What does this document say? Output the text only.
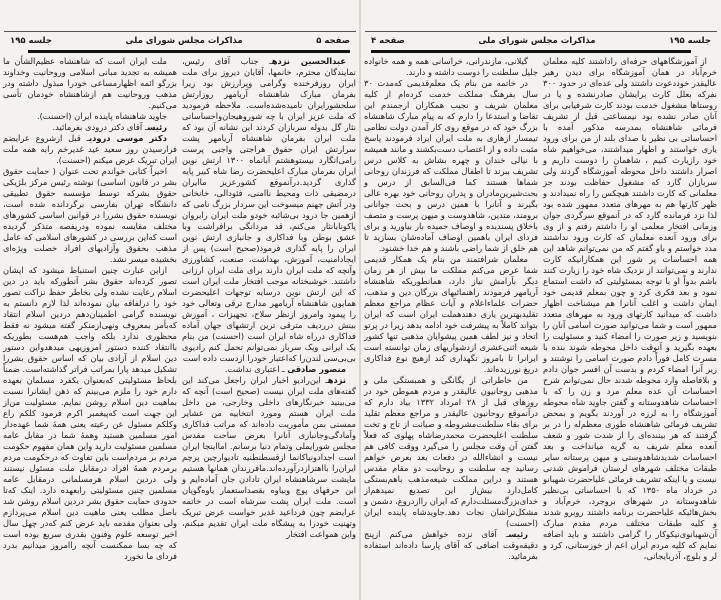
صفحه ۵
مذاکرات مجلس شورای ملی
جلسه ۱۹۵

عبدالحسین نزدهـ جناب آقای رئیس، نمایندگان محترم، خانمها، آقایان دیروز برای ملت ایران روزفرخنده وگرامی وپرارزش بود زیرا بفرمان مبارک شاهنشاه آریامهر روزارتش سلحشورایران نامیده‌شده‌است. ملاحظه فرمودید که ملت عزیز ایران با چه شوروهیجان‌واحساساتی نثار گل بدوله سربازان کردند این نشانه آن بود که ملت ایران بفرمان شاهنشاه آریامهر پشت سرارتش ایران حقوق هراجتی واجبی پرست رامی‌انگارد بیستوهشتم آبانماه ۱۳۰۰ ارتش نوین ایران بفرمان مبارک اعلیحضرت رضا شاه کبیر پایه گذاری گردید.درآنموقع کشورعزیز ماایران درمضیقی ذات ومحیط ناامنی، فئودالی، خانخانی ودر آتش جهنم میسوخت این سردار بزرگ نامی که ازهمین جا درود بی‌شائبه خودو ملت ایران رابروان پاکونابانثار می‌کنم، قد مردانگی برافراشت وبا عشق بوطن وبا فداکاری و جانبازی ارتش نوین ایران را پایه گذاری فرمود(صحیح است) پس از ایجادامنیت، آموزش، بهداشت، صنعت، کشاورزی وآنچه که ملت ایران دارند برای ملت ایران ارزانی داشتند. خوشبختانه موجب افتخار ملت ایران است که این ارتش نوین درسایه توجهات اعلیحضرت همایون شاهنشاه آریامهر مدارج ترقی وتعالی خود را پیمود وامروز ازنظر سلاح، تجهیزات ، آموزش بینش درردیف مترقی ترین ارتشهای جهان آماده فداکاری درراه شاه ایران است (احسنت) من بنام یک ایرانی ویک سرباز نمی‌توانم تحمل کنم رادیوی بی‌بی‌سی لندن‌را که‌اعتبار خودرا ازدست داده است

منصور صادقی ـ اعتباری نداشت.

نزدهـ این‌رادیو اخبار ایران راجعل می‌کند این گفته‌های ملت ایران نیست (صحیح است) آنچه که می‌بینید خبرنگارهای داخلی وخارجی، من داخل ملت ایران هستم ومورد انتخابیه من عشایر ممسنی بمن مأموریت داده‌اند که مراتب فداکاری وآمادگی‌وجانبازی آنانرا بعرض ساحت مقدس مجلس شورایملی وتمام دنیا برسانم. امااینجا ایران است اجدادونیاکانما ازقسطنطنیه تادیوارچین پرچم ایران‌را بااهتزازدرآورده‌اند.مافرزندان همانها هستیم مایشت سرشاهنشاه ایران تادادن جان آماده‌ایم و این حرفهای پوچ وبیاوه بقصداستعمار یاوه‌گویان است. ملت ایران پشت سرشاه است در خاتمه عرایضم چون فرداعید غدیر خواست عرض تبریک وتهنیت خودرا به پیشگاه ملت ایران تقدیم میکنم، واین همواعت افتخار

ملت ایران است که شاهنشاه عظیم‌الشأن ما همیشه به تجدید مبانی اسلامی وروحانیت وخداوند بزرگو ائمه اظهارمساعی خودرا مبذول داشته ودر مذهب وروحانیت هم ازشاهنشاه خودمان تأسی می‌کنیم.

جاوید شاهنشاه پاینده ایران (احسنت).

رئیسـ آقای دکتر درودی بفرمائید.

دکتر موسی درودیـ قبل ازشروع عرایضم فرارسیدن روز سعید عید غدیرخم رابه همه ملت ایران تبریک عرض میکنم (احسنت).

اخیراً کتابی خواندم تحت عنوان ( حمایت حقوق بشر در قانون اساسی) نوشته رئیس مرکز بلژیکی حقوق بشرکه توسط مؤسسه حقوق تطبیقی دانشگاه تهران بفارسی برگردانده شده است، نویسنده حقوق بشررا در قوانین اساسی کشورهای مختلف مقایسه نموده ودریفصه متذکر گردیده است که‌این بررسی در کشورهای اسلامی که عامل مذهب بحقوق وآزادیهای افراد خصلت ویژه‌ای بخشیده میسر نشد.

ازاین عبارت چنین استنباط میشود که ایشان تصور کرده‌اند حقوق بشر آنطورکه باید در دین اسلام رعایت نشده ولی بخاطر حفظ نزاکت تصور خود را درلفافه بیان نموده‌اند لذا لازم دانستم به نویسنده گرامی اطمینان‌دهم دردین اسلام انتقاد که‌بأمر بمعروف ونهی‌ازمنکر گفته میشود نه فقط محظوری ندارد بلکه واجب هم‌هست بطوریکه باانتقاد کننده دستور امروزیهی میدهدواین دستور دین اسلام از آزادی بیان که اساس حقوق بشررا تشکیل میدهد پارا بمراتب فراتر گذاشته‌است. ضمناً بلحاظ مسئولیتی که‌بعنوان یکفرد مسلمان بعهده دارم خود را ملزم می‌بینم که ذهن ایشانرا نسبت بماهیت دین اسلام روشن نمایم. مسئولیت من‌از این جهت است که‌پیغمبر اکرم فرمود کلکم راع وکلکم مسئول عن رعیته یعنی همهٔ شما عهده‌دار امور مسلمین هستید وهمهٔ شما در مقابل عامه مسلمین مسئولیت دارید واین همان مفهوم حکومت مردم بر مردم‌است باین تفاوت که درحکومت مردم برمردم همهٔ افراد درمقابل ملت مسئول نیستند ولی دردین اسلام هرمسلمانی درمقابل عامه مسلمین چنین مسئولیتی رابعهده دارد. اینک که‌تا حدودی حمایت حقوق بشر دردین اسلام روشن شد باصل مطلب یعنی ماهیت دین اسلام می‌پردازم ولی بعنوان مقدمه باید عرض کنم که‌در چهل سال اخیر توسعه علوم وفنون بقدری سریع بوده است که چه بسا ممکنست آنچه را‌امروز میدانیم بدرد فردای ما نخورد

جلسه ۱۹۵
مذاکرات مجلس شورای ملی
صفحه ۴

از آموزشگاههای حرفه‌ای راداشتند کلیه معلمان خرم‌آباد در همان آموزشگاه برای دیدن رهبر عالیقدر خوددعوت داشتند ولی عده‌ای در حدود ۳۰۰ نفرکه بعلل کارت برایشان صادرنشده و یا در روستاها مشغول خدمت بودند کارت شرفیابی برای آنان صادر نشده بود نیمساعتی قبل از تشریف فرمائی شاهنشاه بمدرسه مذکور آمده با احساساتی بی نظیر با صدای بلند از من برای ورود یاری خواستند و اظهار میداشتند، می‌خواهیم شاه خود رازیارت کنیم ، شاهمان را دوست داریم و اصرار داشتند داخل محوطه آموزشگاه گردند ولی سربازان گارد که مشغول حفاظت بودند جز معلمانی که کارت داشتند هیچکس را راه نمیدادند و ظهر کارتها هم به مهرهای متعدد ممهور شده بود لذا نزد فرمانده گارد که در آنموقع سرگردی جوان وزمانی افتخار معلمی او را داشتم رفتم و از وی برای ورود آنعده معلمان که کارت ورود نداشتند مدد خواستم و باو گفتم که من نمی‌توانم شاهد این همه احساسات پر شور این همکارانیکه کارت ندارند و نمی‌توانند از نزدیک شاه خود را زیارت کنند باشم بدواً او با توجه بمسئولیتی که داشت استماع نمود و بعد فکری کرد و چون بمعلم قدیمی خود ایمان داشت و اغلب آنانرا هم میشناخت اظهار داشت که میدانید کارتهای ورود به مهرهای متعدد ممهور است و شما می‌توانید صورت اسامی آنان را بنویسید و زیر صورت را امضاء کنید و مسئولیت را بعهده بگیرید و آنوقت داخل محوطه شوند بنده با مسرت کامل فوراً دادم صورت اسامی را نوشتند و زیر آنرا امضاء کردم و بدست آن افسر جوان دادم و بلافاصله وارد محوطه شدند حال نمی‌توانم شرح احساسات آن عده معلم مرد و زن را که با احساسات شاهدوستانه و گفتن جاوید شاه محوطه آموزشگاه را به لرزه در آوردند بگویم و بمحض تشریف فرمائی شاهنشاه طوری معظم‌له را در بر گرفتند که هر بیننده‌ای را از شدت شور و شعف آنعده معلم شریف به گریه میانداخت و بعد احساسات شدیدشاهدوستی و میهن پرستانه سایر طبقات مختلف شهرهای لرستان فراموش شدنی نیست و یا اینکه تشریف فرمائی علیاحضرت شهبانو در خرداد ماه ۱۳۵۰ که با احساساتی بی‌نظیر شاهدوستانه در شهرهای بروجرد، خرم‌آباد و بخش‌هائیکه علیاحضرت برنامه داشتند روبرو شدند و کلیه طبقات مختلف مردم مقدم مبارک آن‌شهبانوی‌نیکوکار را گرامی داشتند و باید اضافه نمایم که کلیه مردم ایران اعم از خوزستانی، کرد و لر و بلوچ، آذربایجانی،

گیلانی، مازندرانی، خراسانی همه و همه خانواده جلیل سلطنت را دوست داشته و دارند.

در خاتمه من بنام یک معلم‌قدیمی که‌مدت ۳۰ سال بفرهنگ مملکت خدمت کرده‌ام از کلیه معلمان شریف و نجیب همکاران ارجمندم این تقاضا و استدعا را دارم که به پیام مبارک شاهنشاه بزرگ خود که در موقع روی کار آمدن دولت نظامی تیمسار ازهاری به ملت ایران ایراد فرمودند پاسخ مثبت داده و از اعتصاب دست‌بکشند و مانند همیشه با نیالی خندان و چهره بشاش به کلاس درس تشریف ببرند تا اطفال مملکت که فرزندان روحانی شماها هستند کما فی‌السابق از درس و بحث‌شیرین‌مادران و پدران روحانی خود بهره عالی بگیرند و آنانرا با همین درس و بحث جوانانی برومند، متدین، شاهدوست و میهن پرست و متصف باخلاق پسندیده و اوصاف حمیده بار بیاورید و برای فردای ایران باهمین اوصاف آماده‌شان بسازید تا هم خلق از شما راضی باشند و هم خدا خشنود.

معلمان شرافتمند من بنام یک همکار قدیمی شما عرض می‌کنم مملکت ما بیش از هر زمان دیگر بآرامش نیاز دارد، همانطوریکه شاهنشاه آریامهر فرمودند راهنمائیهای بزرگان دین و مذهب، حضرات علماءاعلام و آیات عظام مراجع معظم تقلیدبهترین یاری دهندهملت ایران است که ایران بتواند کاملاً به پیشرفت خود ادامه بدهد زیرا در پرتو اتحاد و نیز لطف همین پیشوایان مذهبی تنها کشور شیعه اثنی‌عشری ازدشواریهای زمان توانسته است ایرانرا تا بامروز نگهداری کند ازهیچ نوع فداکاری دریغ نورزیده‌اند.

من خاطراتی از یگانگی و همبستگی ملی و مذهبی روحانیون عالیقدر و مردم هموطن خود در روزهای قبل از ۲۸ امرداد ۱۳۳۲ بیاد دارم که درآنموقع روحانیون عالیقدر و مراجع معظم تقلید برای بقاء سلطنت‌مشروطه و صیانت از تاج و تخت سلطنت اعلیحضرت محمدرضاشاه پهلوی که فعلاً گفتن آن وقت مجلس را می‌گیرد ووقت کافی هم نیست و انشاءالله در دفعات بعد بعرض خواهم رسانید چه سلطنت و روحانیت دو مقام مقدس هستند و دراین مملکت شیعه‌مذهب باهم‌بستگی کامل‌دارد بیش‌از این تصدیع نمیدهم‌از خدای‌بزرگ‌مسئلت‌دارم که ایران راازدروغ، دشمن و مشکل‌تراشان نجات دهد.جاوید‌شاه پاینده ایران (احسنت)

رئیسـ آقای نزده خواهش می‌کنم ازپنج دقیقه‌وقت اضافی که آقای پارسا داده‌اند استفاده بفرمائید.
